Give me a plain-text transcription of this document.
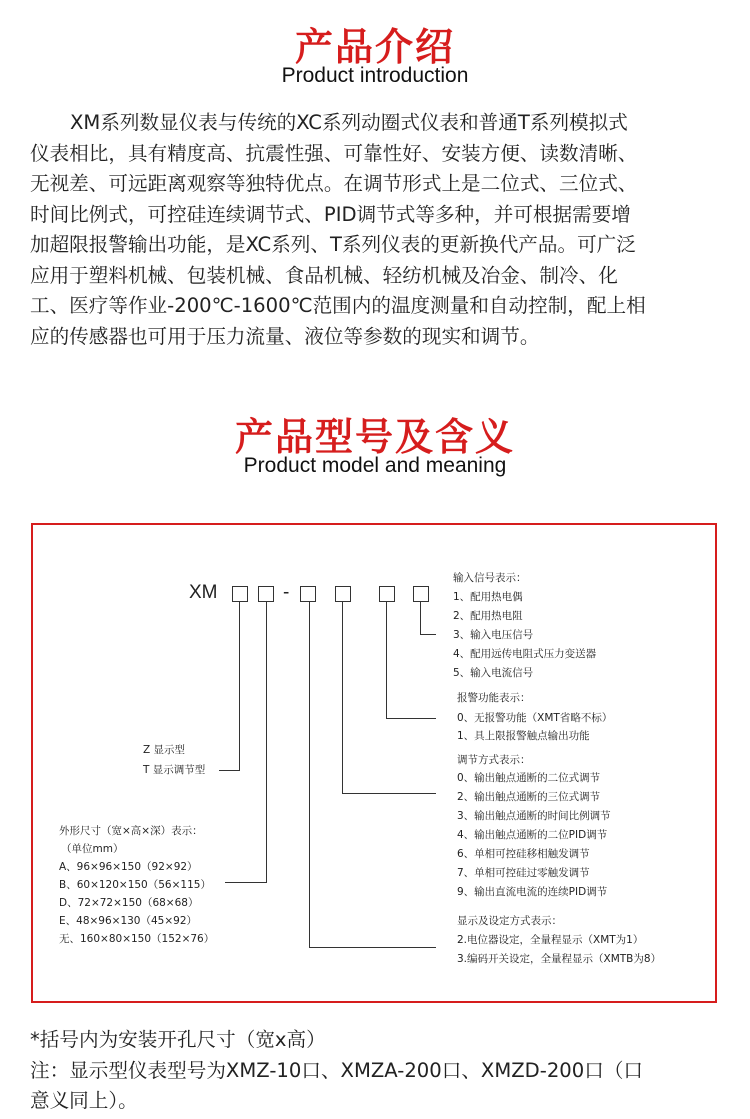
产品介绍
Product introduction
XM系列数显仪表与传统的XC系列动圈式仪表和普通T系列模拟式
仪表相比，具有精度高、抗震性强、可靠性好、安装方便、读数清晰、
无视差、可远距离观察等独特优点。在调节形式上是二位式、三位式、
时间比例式，可控硅连续调节式、PID调节式等多种，并可根据需要增
加超限报警输出功能，是XC系列、T系列仪表的更新换代产品。可广泛
应用于塑料机械、包装机械、食品机械、轻纺机械及冶金、制冷、化
工、医疗等作业-200℃-1600℃范围内的温度测量和自动控制，配上相
应的传感器也可用于压力流量、液位等参数的现实和调节。
产品型号及含义
Product model and meaning
XM	-
输入信号表示：
1、配用热电偶
2、配用热电阻
3、输入电压信号
4、配用远传电阻式压力变送器
5、输入电流信号
报警功能表示：
0、无报警功能（XMT省略不标）
1、具上限报警触点输出功能
调节方式表示：
0、输出触点通断的二位式调节
2、输出触点通断的三位式调节
3、输出触点通断的时间比例调节
4、输出触点通断的二位PID调节
6、单相可控硅移相触发调节
7、单相可控硅过零触发调节
9、输出直流电流的连续PID调节
显示及设定方式表示：
2.电位器设定，全量程显示（XMT为1）
3.编码开关设定，全量程显示（XMTB为8）
Z 显示型
T 显示调节型
外形尺寸（宽×高×深）表示：
（单位mm）
A、96×96×150（92×92）
B、60×120×150（56×115）
D、72×72×150（68×68）
E、48×96×130（45×92）
无、160×80×150（152×76）
*括号内为安装开孔尺寸（宽x高）
注：显示型仪表型号为XMZ-10口、XMZA-200口、XMZD-200口（口
意义同上）。
